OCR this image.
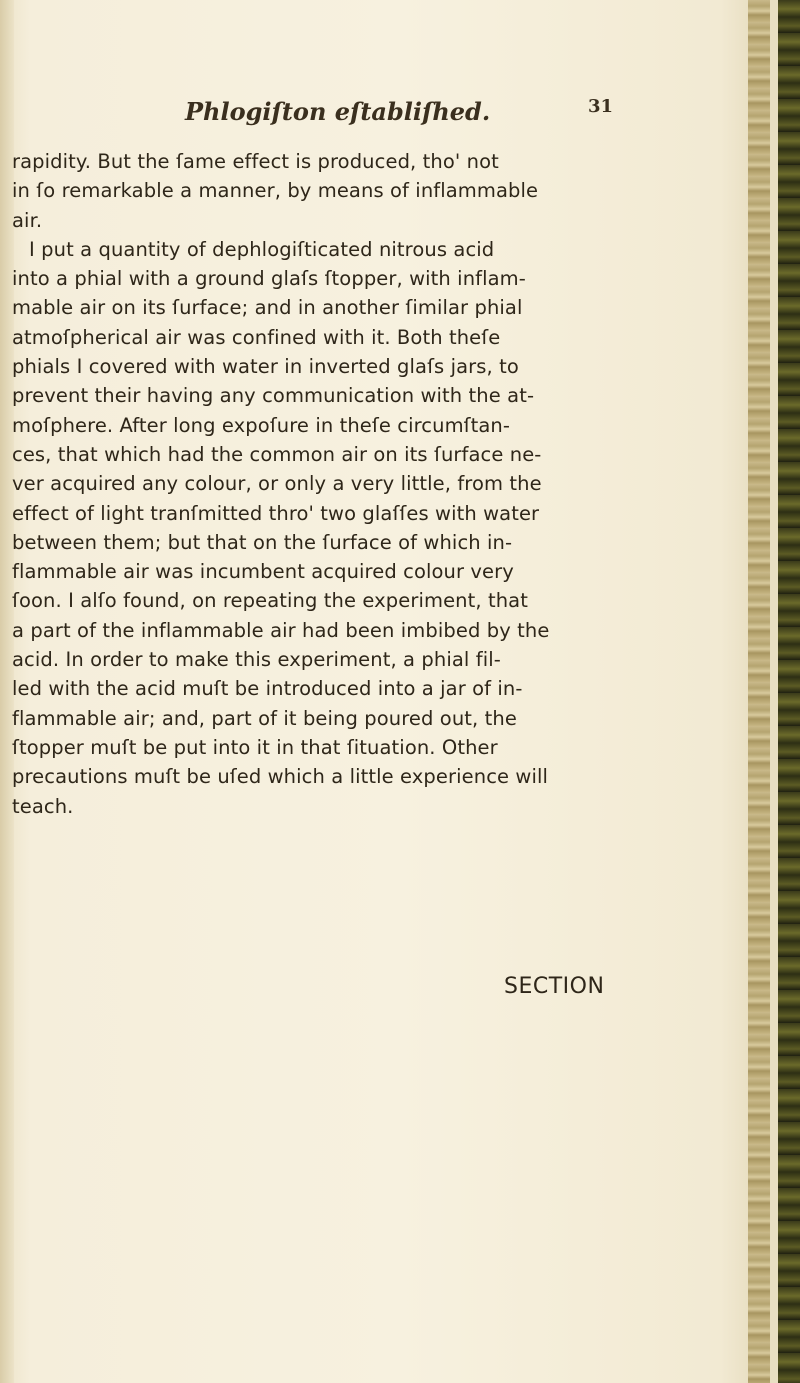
Phlogiſton eſtabliſhed.	31
rapidity. But the ſame effect is produced, tho' not
in ſo remarkable a manner, by means of inflammable
air.
I put a quantity of dephlogiſticated nitrous acid
into a phial with a ground glaſs ſtopper, with inflam-
mable air on its ſurface; and in another ſimilar phial
atmoſpherical air was confined with it. Both theſe
phials I covered with water in inverted glaſs jars, to
prevent their having any communication with the at-
moſphere. After long expoſure in theſe circumſtan-
ces, that which had the common air on its ſurface ne-
ver acquired any colour, or only a very little, from the
effect of light tranſmitted thro' two glaſſes with water
between them; but that on the ſurface of which in-
flammable air was incumbent acquired colour very
ſoon. I alſo found, on repeating the experiment, that
a part of the inflammable air had been imbibed by the
acid. In order to make this experiment, a phial fil-
led with the acid muſt be introduced into a jar of in-
flammable air; and, part of it being poured out, the
ſtopper muſt be put into it in that ſituation. Other
precautions muſt be uſed which a little experience will
teach.
SECTION
